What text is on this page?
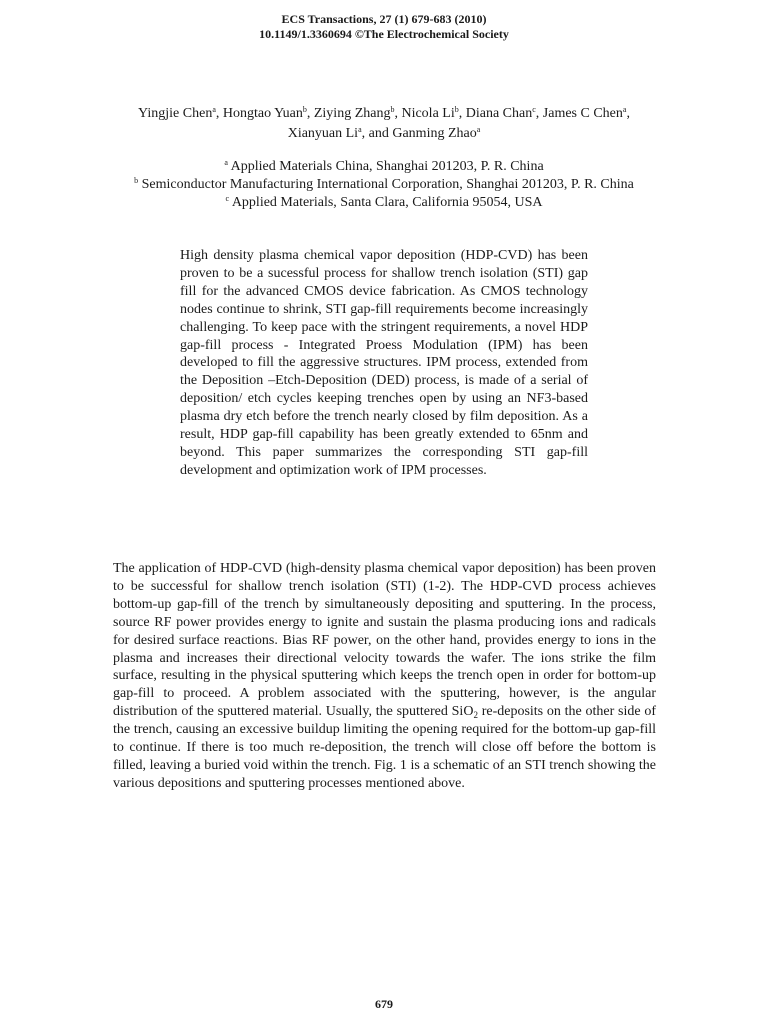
ECS Transactions, 27 (1) 679-683 (2010)
10.1149/1.3360694 ©The Electrochemical Society
Yingjie Chen$^a$, Hongtao Yuan$^b$, Ziying Zhang$^b$, Nicola Li$^b$, Diana Chan$^c$, James C Chen$^a$,
Xianyuan Li$^a$, and Ganming Zhao$^a$
$^a$ Applied Materials China, Shanghai 201203, P. R. China
$^b$ Semiconductor Manufacturing International Corporation, Shanghai 201203, P. R. China
$^c$ Applied Materials, Santa Clara, California 95054, USA

High density plasma chemical vapor deposition (HDP-CVD) has been proven to be a sucessful process for shallow trench isolation (STI) gap fill for the advanced CMOS device fabrication. As CMOS technology nodes continue to shrink, STI gap-fill requirements become increasingly challenging. To keep pace with the stringent requirements, a novel HDP gap-fill process - Integrated Proess Modulation (IPM) has been developed to fill the aggressive structures. IPM process, extended from the Deposition –Etch-Deposition (DED) process, is made of a serial of deposition/ etch cycles keeping trenches open by using an NF3-based plasma dry etch before the trench nearly closed by film deposition. As a result, HDP gap-fill capability has been greatly extended to 65nm and beyond. This paper summarizes the corresponding STI gap-fill development and optimization work of IPM processes.

The application of HDP-CVD (high-density plasma chemical vapor deposition) has been proven to be successful for shallow trench isolation (STI) (1-2). The HDP-CVD process achieves bottom-up gap-fill of the trench by simultaneously depositing and sputtering. In the process, source RF power provides energy to ignite and sustain the plasma producing ions and radicals for desired surface reactions. Bias RF power, on the other hand, provides energy to ions in the plasma and increases their directional velocity towards the wafer. The ions strike the film surface, resulting in the physical sputtering which keeps the trench open in order for bottom-up gap-fill to proceed. A problem associated with the sputtering, however, is the angular distribution of the sputtered material. Usually, the sputtered SiO$_2$ re-deposits on the other side of the trench, causing an excessive buildup limiting the opening required for the bottom-up gap-fill to continue. If there is too much re-deposition, the trench will close off before the bottom is filled, leaving a buried void within the trench. Fig. 1 is a schematic of an STI trench showing the various depositions and sputtering processes mentioned above.

679
